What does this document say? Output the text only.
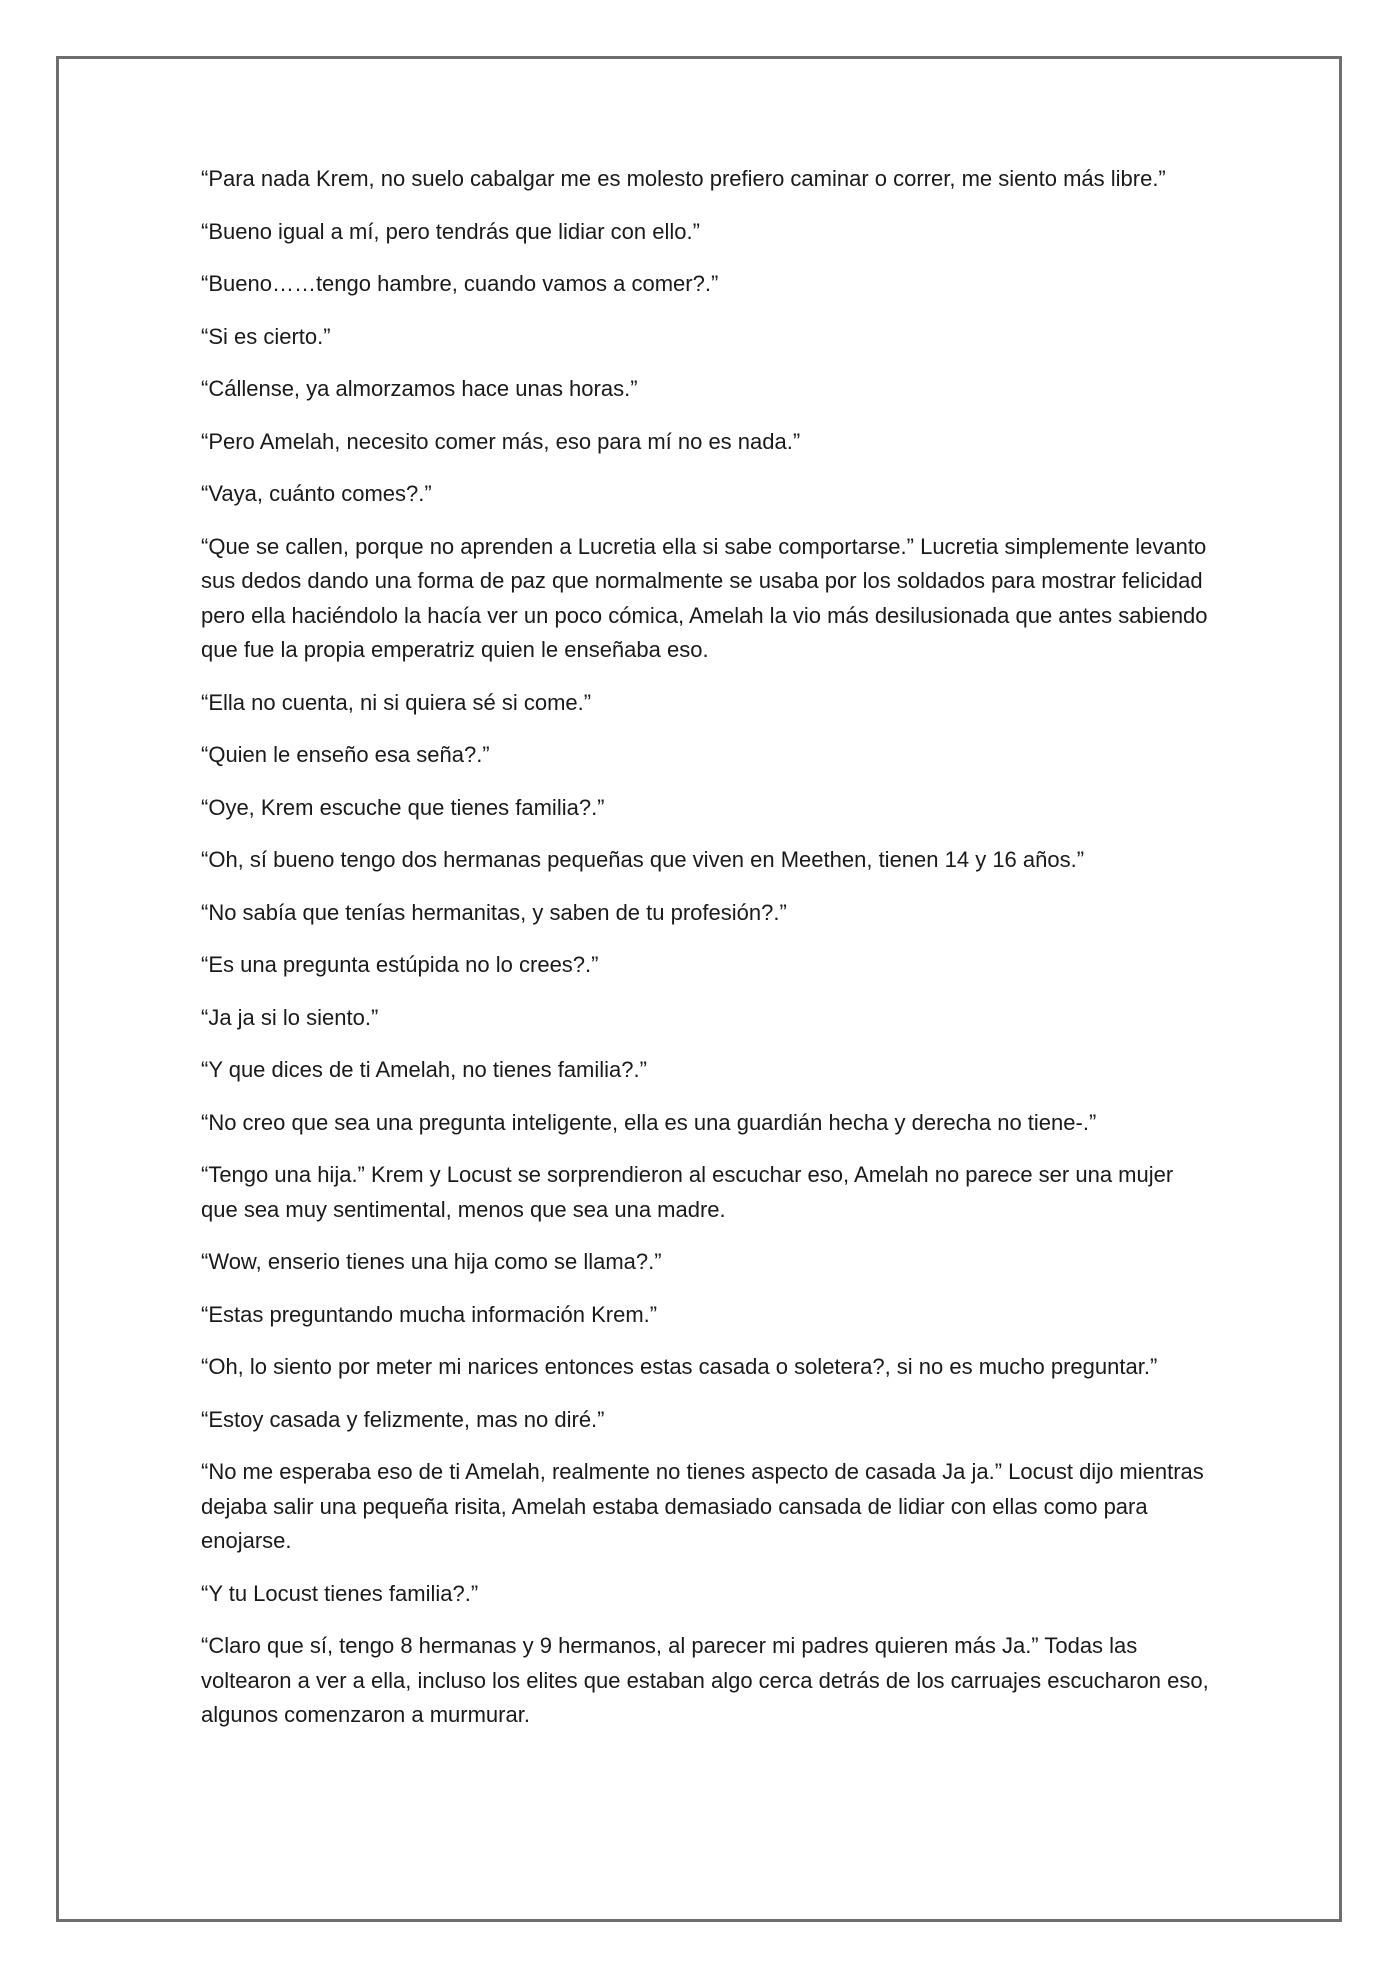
“Para nada Krem, no suelo cabalgar me es molesto prefiero caminar o correr, me siento más libre.”

“Bueno igual a mí, pero tendrás que lidiar con ello.”

“Bueno……tengo hambre, cuando vamos a comer?.”

“Si es cierto.”

“Cállense, ya almorzamos hace unas horas.”

“Pero Amelah, necesito comer más, eso para mí no es nada.”

“Vaya, cuánto comes?.”

“Que se callen, porque no aprenden a Lucretia ella si sabe comportarse.” Lucretia simplemente levanto sus dedos dando una forma de paz que normalmente se usaba por los soldados para mostrar felicidad pero ella haciéndolo la hacía ver un poco cómica, Amelah la vio más desilusionada que antes sabiendo que fue la propia emperatriz quien le enseñaba eso.

“Ella no cuenta, ni si quiera sé si come.”

“Quien le enseño esa seña?.”

“Oye, Krem escuche que tienes familia?.”

“Oh, sí bueno tengo dos hermanas pequeñas que viven en Meethen, tienen 14 y 16 años.”

“No sabía que tenías hermanitas, y saben de tu profesión?.”

“Es una pregunta estúpida no lo crees?.”

“Ja ja si lo siento.”

“Y que dices de ti Amelah, no tienes familia?.”

“No creo que sea una pregunta inteligente, ella es una guardián hecha y derecha no tiene-.”

“Tengo una hija.” Krem y Locust se sorprendieron al escuchar eso, Amelah no parece ser una mujer que sea muy sentimental, menos que sea una madre.

“Wow, enserio tienes una hija como se llama?.”

“Estas preguntando mucha información Krem.”

“Oh, lo siento por meter mi narices entonces estas casada o soletera?, si no es mucho preguntar.”

“Estoy casada y felizmente, mas no diré.”

“No me esperaba eso de ti Amelah, realmente no tienes aspecto de casada Ja ja.” Locust dijo mientras dejaba salir una pequeña risita, Amelah estaba demasiado cansada de lidiar con ellas como para enojarse.

“Y tu Locust tienes familia?.”

“Claro que sí, tengo 8 hermanas y 9 hermanos, al parecer mi padres quieren más Ja.” Todas las voltearon a ver a ella, incluso los elites que estaban algo cerca detrás de los carruajes escucharon eso, algunos comenzaron a murmurar.
